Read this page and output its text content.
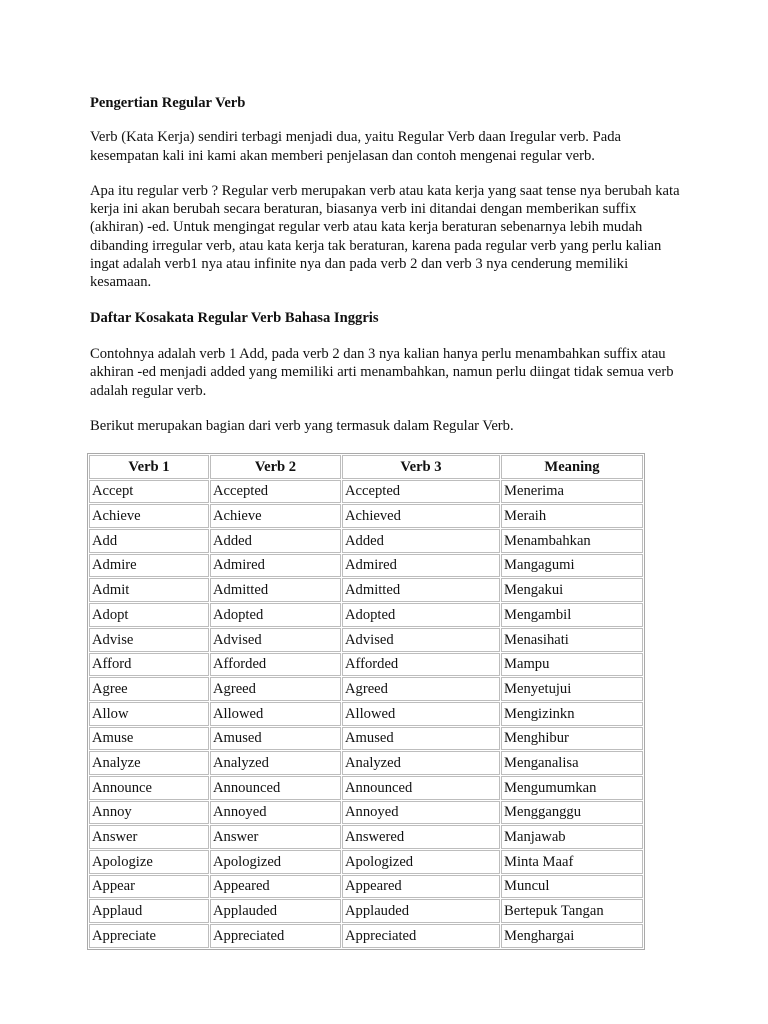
Pengertian Regular Verb

Verb (Kata Kerja) sendiri terbagi menjadi dua, yaitu Regular Verb daan Iregular verb. Pada kesempatan kali ini kami akan memberi penjelasan dan contoh mengenai regular verb.

Apa itu regular verb ? Regular verb merupakan verb atau kata kerja yang saat tense nya berubah kata kerja ini akan berubah secara beraturan, biasanya verb ini ditandai dengan memberikan suffix (akhiran) -ed. Untuk mengingat regular verb atau kata kerja beraturan sebenarnya lebih mudah dibanding irregular verb, atau kata kerja tak beraturan, karena pada regular verb yang perlu kalian ingat adalah verb1 nya atau infinite nya dan pada verb 2 dan verb 3 nya cenderung memiliki kesamaan.

Daftar Kosakata Regular Verb Bahasa Inggris

Contohnya adalah verb 1 Add, pada verb 2 dan 3 nya kalian hanya perlu menambahkan suffix atau akhiran -ed menjadi added yang memiliki arti menambahkan, namun perlu diingat tidak semua verb adalah regular verb.

Berikut merupakan bagian dari verb yang termasuk dalam Regular Verb.

Verb 1	Verb 2	Verb 3	Meaning
Accept	Accepted	Accepted	Menerima
Achieve	Achieve	Achieved	Meraih
Add	Added	Added	Menambahkan
Admire	Admired	Admired	Mangagumi
Admit	Admitted	Admitted	Mengakui
Adopt	Adopted	Adopted	Mengambil
Advise	Advised	Advised	Menasihati
Afford	Afforded	Afforded	Mampu
Agree	Agreed	Agreed	Menyetujui
Allow	Allowed	Allowed	Mengizinkn
Amuse	Amused	Amused	Menghibur
Analyze	Analyzed	Analyzed	Menganalisa
Announce	Announced	Announced	Mengumumkan
Annoy	Annoyed	Annoyed	Mengganggu
Answer	Answer	Answered	Manjawab
Apologize	Apologized	Apologized	Minta Maaf
Appear	Appeared	Appeared	Muncul
Applaud	Applauded	Applauded	Bertepuk Tangan
Appreciate	Appreciated	Appreciated	Menghargai
